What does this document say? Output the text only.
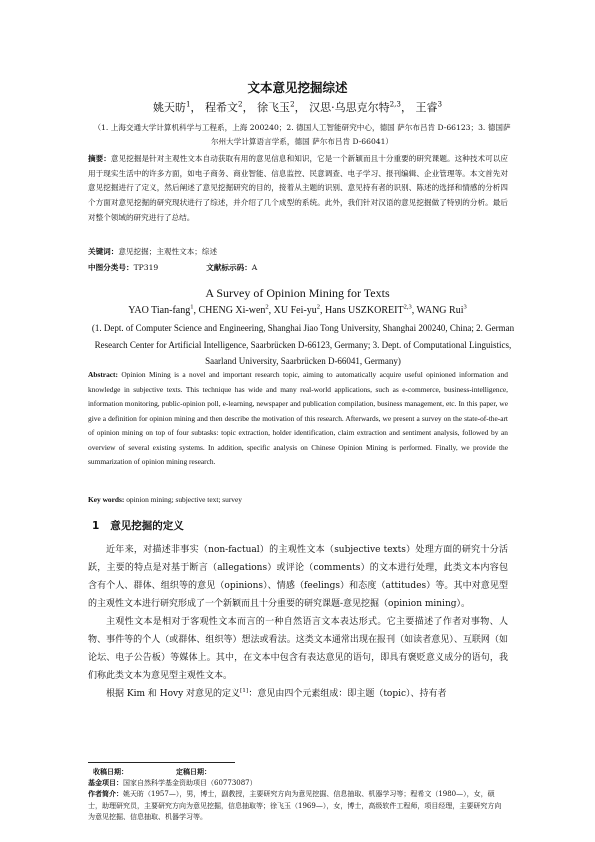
文本意见挖掘综述
姚天昉$^1$， 程希文$^2$， 徐飞玉$^2$， 汉思·乌思克尔特$^{2,3}$， 王睿$^3$
（1. 上海交通大学计算机科学与工程系，上海 200240；2. 德国人工智能研究中心，德国 萨尔布吕肯 D-66123；3. 德国萨尔州大学计算语言学系，德国 萨尔布吕肯 D-66041）
摘要：意见挖掘是针对主观性文本自动获取有用的意见信息和知识，它是一个新颖而且十分重要的研究课题。这种技术可以应用于现实生活中的许多方面，如电子商务、商业智能、信息监控、民意调查、电子学习、报刊编辑、企业管理等。本文首先对意见挖掘进行了定义，然后阐述了意见挖掘研究的目的，接着从主题的识别、意见持有者的识别、陈述的选择和情感的分析四个方面对意见挖掘的研究现状进行了综述，并介绍了几个成型的系统。此外，我们针对汉语的意见挖掘做了特别的分析。最后对整个领域的研究进行了总结。
关键词：意见挖掘；主观性文本；综述
中图分类号：TP319	文献标示码：A
A Survey of Opinion Mining for Texts
YAO Tian-fang$^1$, CHENG Xi-wen$^2$, XU Fei-$yu^2$, Hans USZKOREIT$^{2,3}$, WANG Rui$^3$
(1. Dept. of Computer Science and Engineering, Shanghai Jiao Tong University, Shanghai 200240, China; 2. German Research Center for Artificial Intelligence, Saarbrücken D-66123, Germany; 3. Dept. of Computational Linguistics, Saarland University, Saarbrücken D-66041, Germany)
Abstract: Opinion Mining is a novel and important research topic, aiming to automatically acquire useful opinioned information and knowledge in subjective texts. This technique has wide and many real-world applications, such as e-commerce, business-intelligence, information monitoring, public-opinion poll, e-learning, newspaper and publication compilation, business management, etc. In this paper, we give a definition for opinion mining and then describe the motivation of this research. Afterwards, we present a survey on the state-of-the-art of opinion mining on top of four subtasks: topic extraction, holder identification, claim extraction and sentiment analysis, followed by an overview of several existing systems. In addition, specific analysis on Chinese Opinion Mining is performed. Finally, we provide the summarization of opinion mining research.
Key words: opinion mining; subjective text; survey
1 意见挖掘的定义

近年来，对描述非事实（non-factual）的主观性文本（subjective texts）处理方面的研究十分活跃，主要的特点是对基于断言（allegations）或评论（comments）的文本进行处理，此类文本内容包含有个人、群体、组织等的意见（opinions）、情感（feelings）和态度（attitudes）等。其中对意见型的主观性文本进行研究形成了一个新颖而且十分重要的研究课题-意见挖掘（opinion mining）。

主观性文本是相对于客观性文本而言的一种自然语言文本表达形式。它主要描述了作者对事物、人物、事件等的个人（或群体、组织等）想法或看法。这类文本通常出现在报刊（如读者意见）、互联网（如论坛、电子公告板）等媒体上。其中，在文本中包含有表达意见的语句，即具有褒贬意义成分的语句，我们称此类文本为意见型主观性文本。

根据 Kim 和 Hovy 对意见的定义[1]：意见由四个元素组成：即主题（topic）、持有者

收稿日期：	定稿日期：
基金项目：国家自然科学基金资助项目（60773087）
作者简介：姚天昉（1957—），男，博士，副教授，主要研究方向为意见挖掘、信息抽取、机器学习等；程希文（1980—），女，硕士，助理研究员，主要研究方向为意见挖掘，信息抽取等；徐飞玉（1969—），女，博士，高级软件工程师，项目经理，主要研究方向为意见挖掘、信息抽取、机器学习等。
